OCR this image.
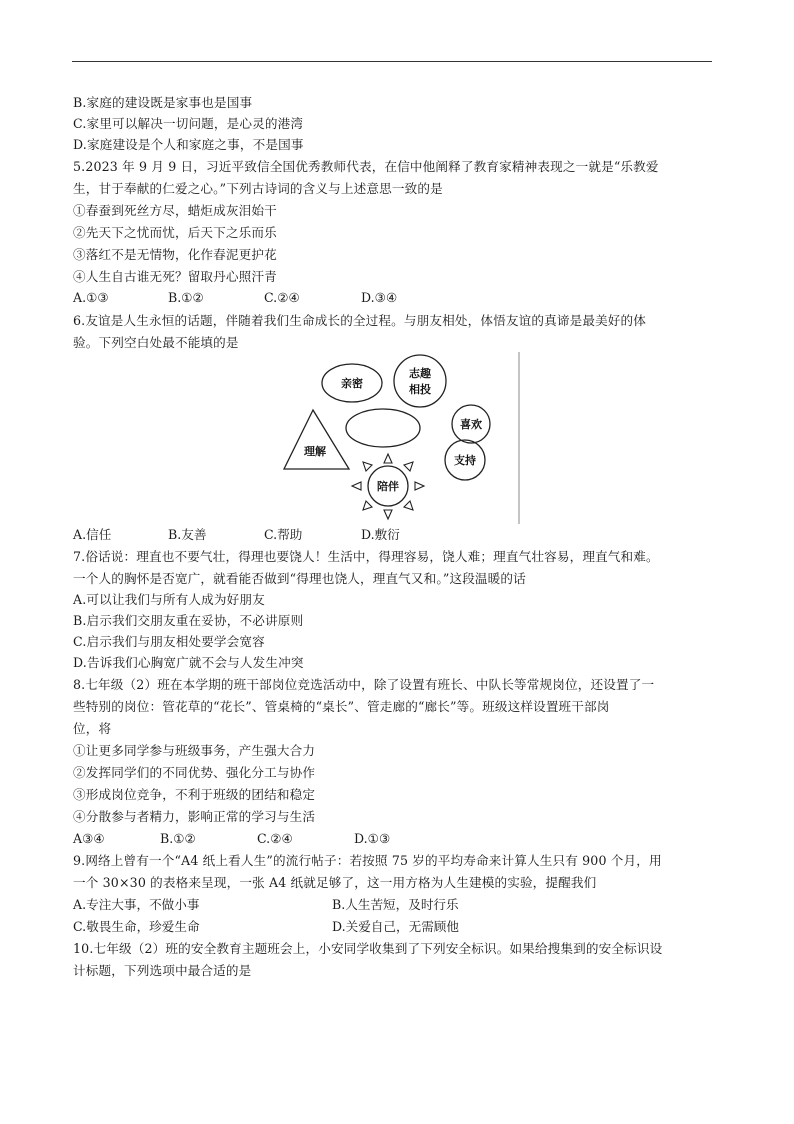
B.家庭的建设既是家事也是国事
C.家里可以解决一切问题，是心灵的港湾
D.家庭建设是个人和家庭之事，不是国事
5.2023 年 9 月 9 日，习近平致信全国优秀教师代表，在信中他阐释了教育家精神表现之一就是“乐教爱
生，甘于奉献的仁爱之心。”下列古诗词的含义与上述意思一致的是
①春蚕到死丝方尽，蜡炬成灰泪始干
②先天下之忧而忧，后天下之乐而乐
③落红不是无情物，化作春泥更护花
④人生自古谁无死？留取丹心照汗青
A.①③	B.①②	C.②④	D.③④
6.友谊是人生永恒的话题，伴随着我们生命成长的全过程。与朋友相处，体悟友谊的真谛是最美好的体
验。下列空白处最不能填的是
亲密
志趣
相投
喜欢
支持
理解
陪伴
A.信任	B.友善	C.帮助	D.敷衍
7.俗话说：理直也不要气壮，得理也要饶人！生活中，得理容易，饶人难；理直气壮容易，理直气和难。
一个人的胸怀是否宽广，就看能否做到“得理也饶人，理直气又和。”这段温暖的话
A.可以让我们与所有人成为好朋友
B.启示我们交朋友重在妥协，不必讲原则
C.启示我们与朋友相处要学会宽容
D.告诉我们心胸宽广就不会与人发生冲突
8.七年级（2）班在本学期的班干部岗位竞选活动中，除了设置有班长、中队长等常规岗位，还设置了一
些特别的岗位：管花草的“花长”、管桌椅的“桌长”、管走廊的“廊长”等。班级这样设置班干部岗
位，将
①让更多同学参与班级事务，产生强大合力
②发挥同学们的不同优势、强化分工与协作
③形成岗位竞争，不利于班级的团结和稳定
④分散参与者精力，影响正常的学习与生活
A③④	B.①②	C.②④	D.①③
9.网络上曾有一个“A4 纸上看人生”的流行帖子：若按照 75 岁的平均寿命来计算人生只有 900 个月，用
一个 30×30 的表格来呈现，一张 A4 纸就足够了，这一用方格为人生建模的实验，提醒我们
A.专注大事，不做小事	B.人生苦短，及时行乐
C.敬畏生命，珍爱生命	D.关爱自己，无需顾他
10.七年级（2）班的安全教育主题班会上，小安同学收集到了下列安全标识。如果给搜集到的安全标识设
计标题，下列选项中最合适的是
